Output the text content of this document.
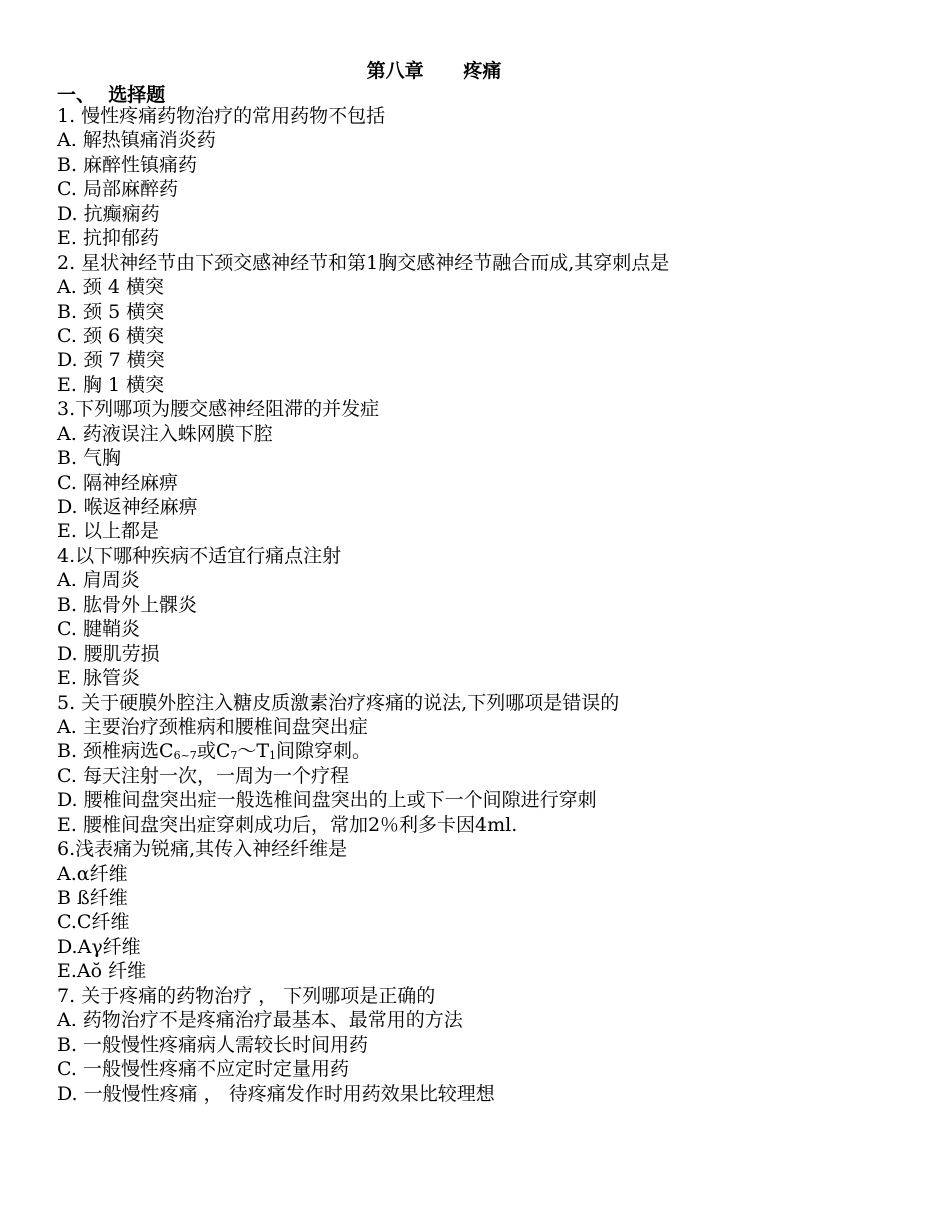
第八章      疼痛
一、  选择题
1. 慢性疼痛药物治疗的常用药物不包括
A. 解热镇痛消炎药
B. 麻醉性镇痛药
C. 局部麻醉药
D. 抗癫痫药
E. 抗抑郁药
2. 星状神经节由下颈交感神经节和第1胸交感神经节融合而成,其穿刺点是
A. 颈 4 横突
B. 颈 5 横突
C. 颈 6 横突
D. 颈 7 横突
E. 胸 1 横突
3.下列哪项为腰交感神经阻滞的并发症
A. 药液误注入蛛网膜下腔
B. 气胸
C. 隔神经麻痹
D. 喉返神经麻痹
E. 以上都是
4.以下哪种疾病不适宜行痛点注射
A. 肩周炎
B. 肱骨外上髁炎
C. 腱鞘炎
D. 腰肌劳损
E. 脉管炎
5. 关于硬膜外腔注入糖皮质激素治疗疼痛的说法,下列哪项是错误的
A. 主要治疗颈椎病和腰椎间盘突出症
B. 颈椎病选$C_{6\sim 7}$或$C_7\sim T_1$间隙穿刺。
C. 每天注射一次，一周为一个疗程
D. 腰椎间盘突出症一般选椎间盘突出的上或下一个间隙进行穿刺
E. 腰椎间盘突出症穿刺成功后，常加2％利多卡因4ml.
6.浅表痛为锐痛,其传入神经纤维是
A.α纤维
B ß纤维
C.C纤维
D.Aγ纤维
E.Aŏ 纤维
7. 关于疼痛的药物治疗 ， 下列哪项是正确的
A. 药物治疗不是疼痛治疗最基本、最常用的方法
B. 一般慢性疼痛病人需较长时间用药
C. 一般慢性疼痛不应定时定量用药
D. 一般慢性疼痛 ， 待疼痛发作时用药效果比较理想
